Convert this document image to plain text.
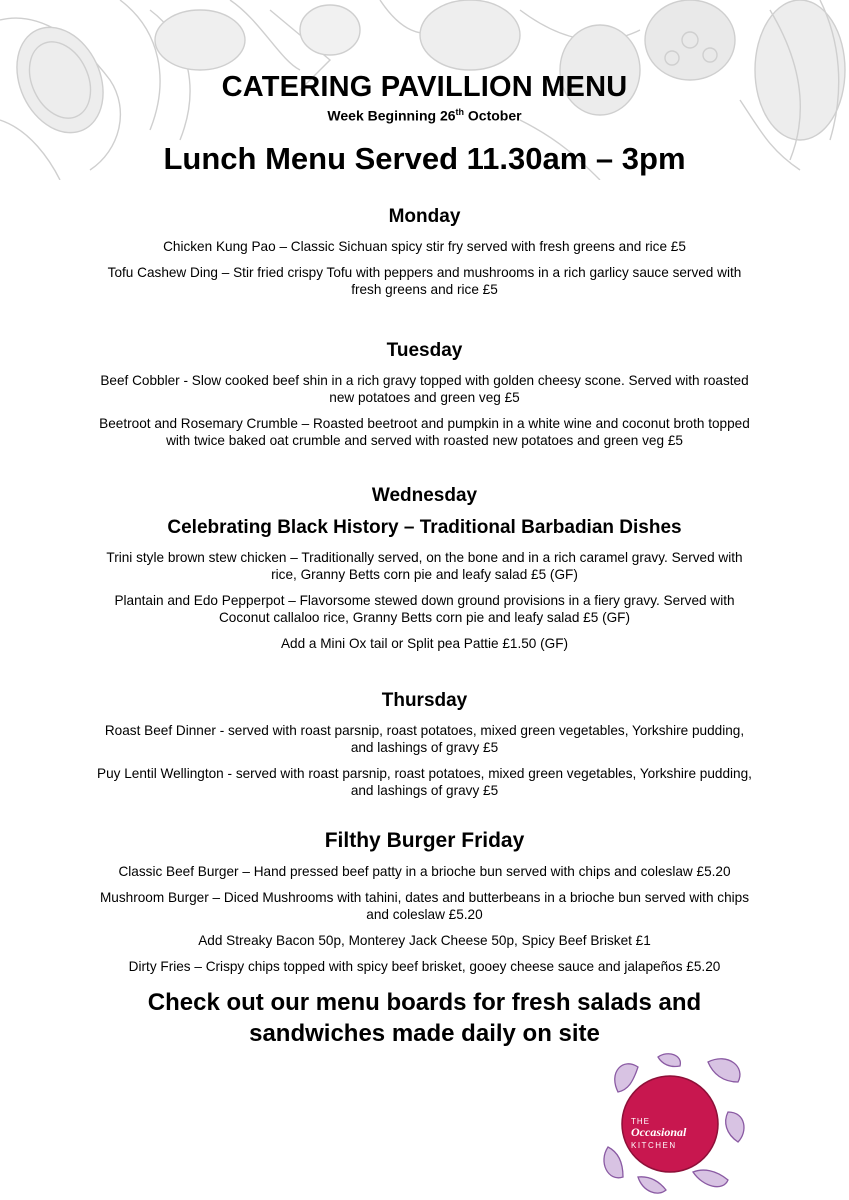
CATERING PAVILLION MENU
Week Beginning 26th October
Lunch Menu Served 11.30am – 3pm
Monday
Chicken Kung Pao – Classic Sichuan spicy stir fry served with fresh greens and rice £5
Tofu Cashew Ding – Stir fried crispy Tofu with peppers and mushrooms in a rich garlicy sauce served with fresh greens and rice £5
Tuesday
Beef Cobbler - Slow cooked beef shin in a rich gravy topped with golden cheesy scone. Served with roasted new potatoes and green veg £5
Beetroot and Rosemary Crumble – Roasted beetroot and pumpkin in a white wine and coconut broth topped with twice baked oat crumble and served with roasted new potatoes and green veg £5
Wednesday
Celebrating Black History – Traditional Barbadian Dishes
Trini style brown stew chicken – Traditionally served, on the bone and in a rich caramel gravy. Served with rice, Granny Betts corn pie and leafy salad £5 (GF)
Plantain and Edo Pepperpot – Flavorsome stewed down ground provisions in a fiery gravy. Served with Coconut callaloo rice, Granny Betts corn pie and leafy salad £5 (GF)
Add a Mini Ox tail or Split pea Pattie £1.50 (GF)
Thursday
Roast Beef Dinner - served with roast parsnip, roast potatoes, mixed green vegetables, Yorkshire pudding, and lashings of gravy £5
Puy Lentil Wellington - served with roast parsnip, roast potatoes, mixed green vegetables, Yorkshire pudding, and lashings of gravy £5
Filthy Burger Friday
Classic Beef Burger – Hand pressed beef patty in a brioche bun served with chips and coleslaw £5.20
Mushroom Burger – Diced Mushrooms with tahini, dates and butterbeans in a brioche bun served with chips and coleslaw £5.20
Add Streaky Bacon 50p, Monterey Jack Cheese 50p, Spicy Beef Brisket £1
Dirty Fries – Crispy chips topped with spicy beef brisket, gooey cheese sauce and jalapeños £5.20
Check out our menu boards for fresh salads and
sandwiches made daily on site
THE
Occasional
KITCHEN
